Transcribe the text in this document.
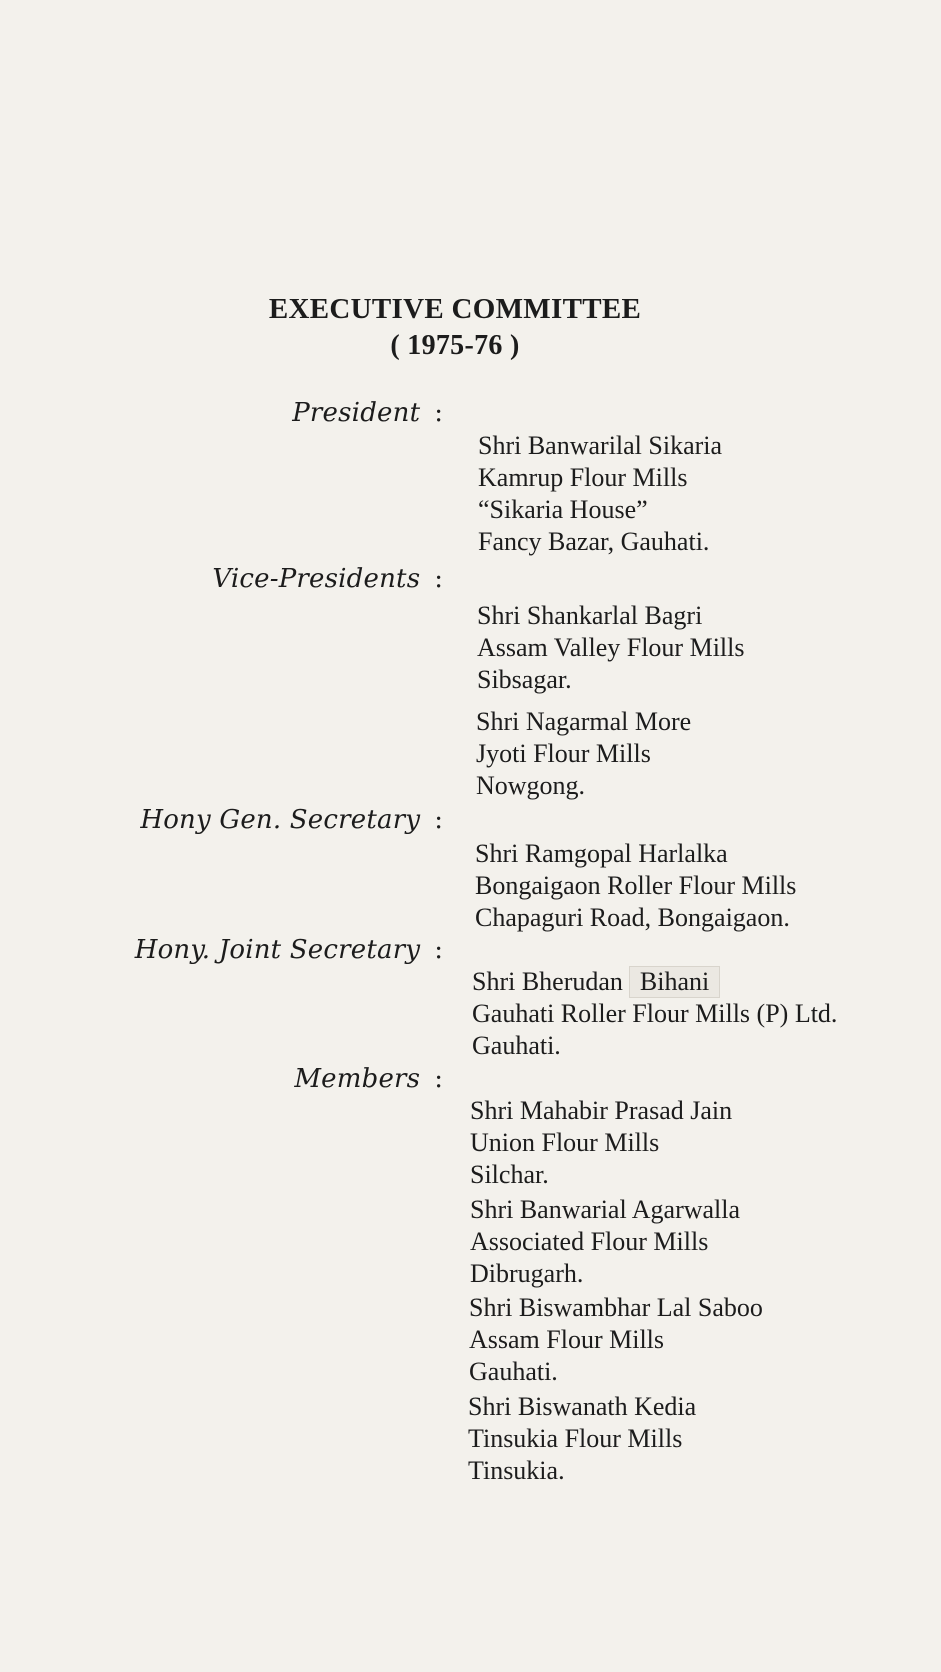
EXECUTIVE COMMITTEE
( 1975-76 )
President :
Shri Banwarilal Sikaria
Kamrup Flour Mills
“Sikaria House”
Fancy Bazar, Gauhati.
Vice-Presidents :
Shri Shankarlal Bagri
Assam Valley Flour Mills
Sibsagar.
Shri Nagarmal More
Jyoti Flour Mills
Nowgong.
Hony Gen. Secretary :
Shri Ramgopal Harlalka
Bongaigaon Roller Flour Mills
Chapaguri Road, Bongaigaon.
Hony. Joint Secretary :
Shri Bherudan Bihani
Gauhati Roller Flour Mills (P) Ltd.
Gauhati.
Members :
Shri Mahabir Prasad Jain
Union Flour Mills
Silchar.
Shri Banwarial Agarwalla
Associated Flour Mills
Dibrugarh.
Shri Biswambhar Lal Saboo
Assam Flour Mills
Gauhati.
Shri Biswanath Kedia
Tinsukia Flour Mills
Tinsukia.
